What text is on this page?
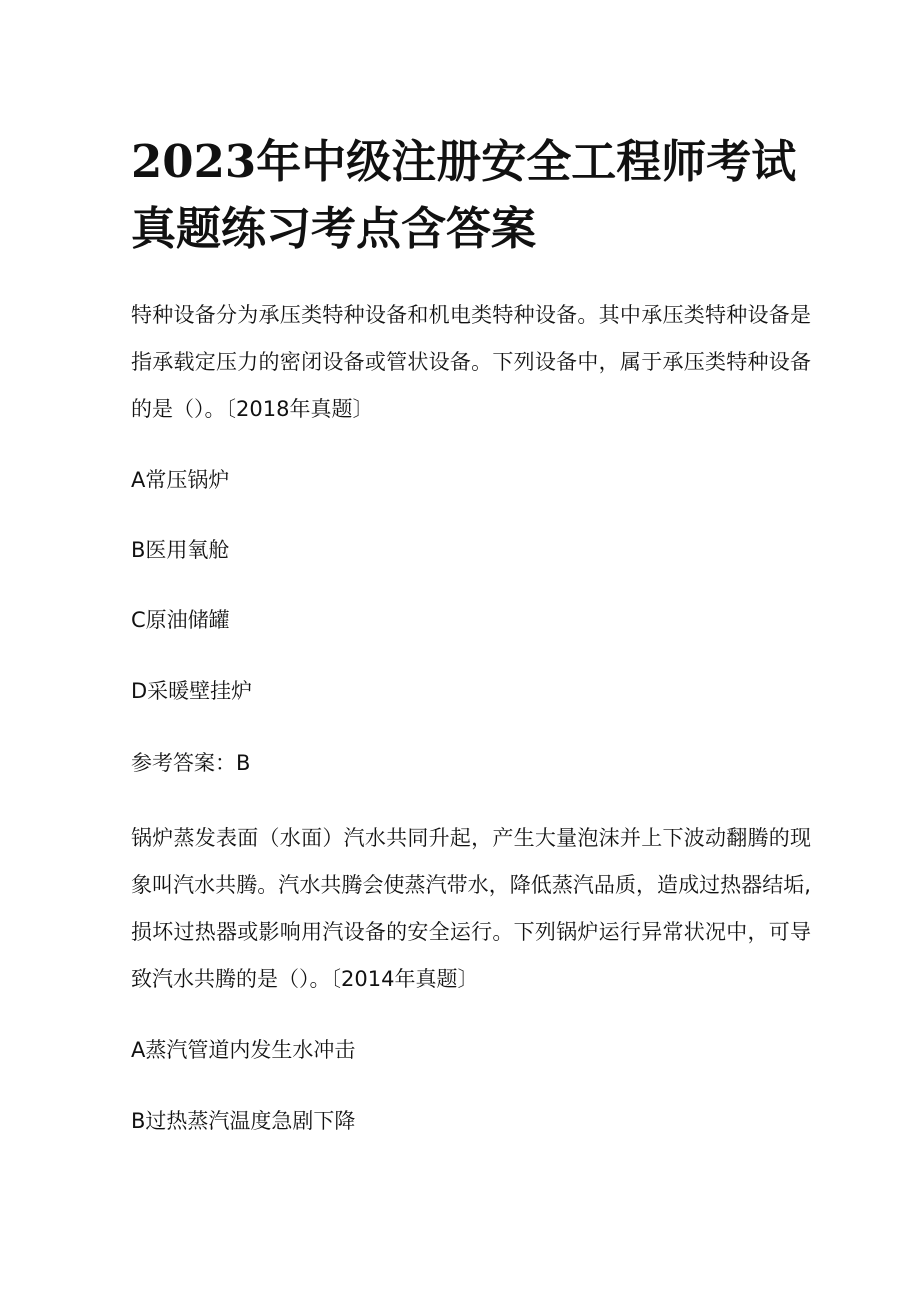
2023年中级注册安全工程师考试真题练习考点含答案

特种设备分为承压类特种设备和机电类特种设备。其中承压类特种设备是指承载定压力的密闭设备或管状设备。下列设备中，属于承压类特种设备的是（）。〔2018年真题〕

A常压锅炉

B医用氧舱

C原油储罐

D采暖壁挂炉

参考答案：B

锅炉蒸发表面（水面）汽水共同升起，产生大量泡沫并上下波动翻腾的现象叫汽水共腾。汽水共腾会使蒸汽带水，降低蒸汽品质，造成过热器结垢,损坏过热器或影响用汽设备的安全运行。下列锅炉运行异常状况中，可导致汽水共腾的是（）。〔2014年真题〕

A蒸汽管道内发生水冲击

B过热蒸汽温度急剧下降
